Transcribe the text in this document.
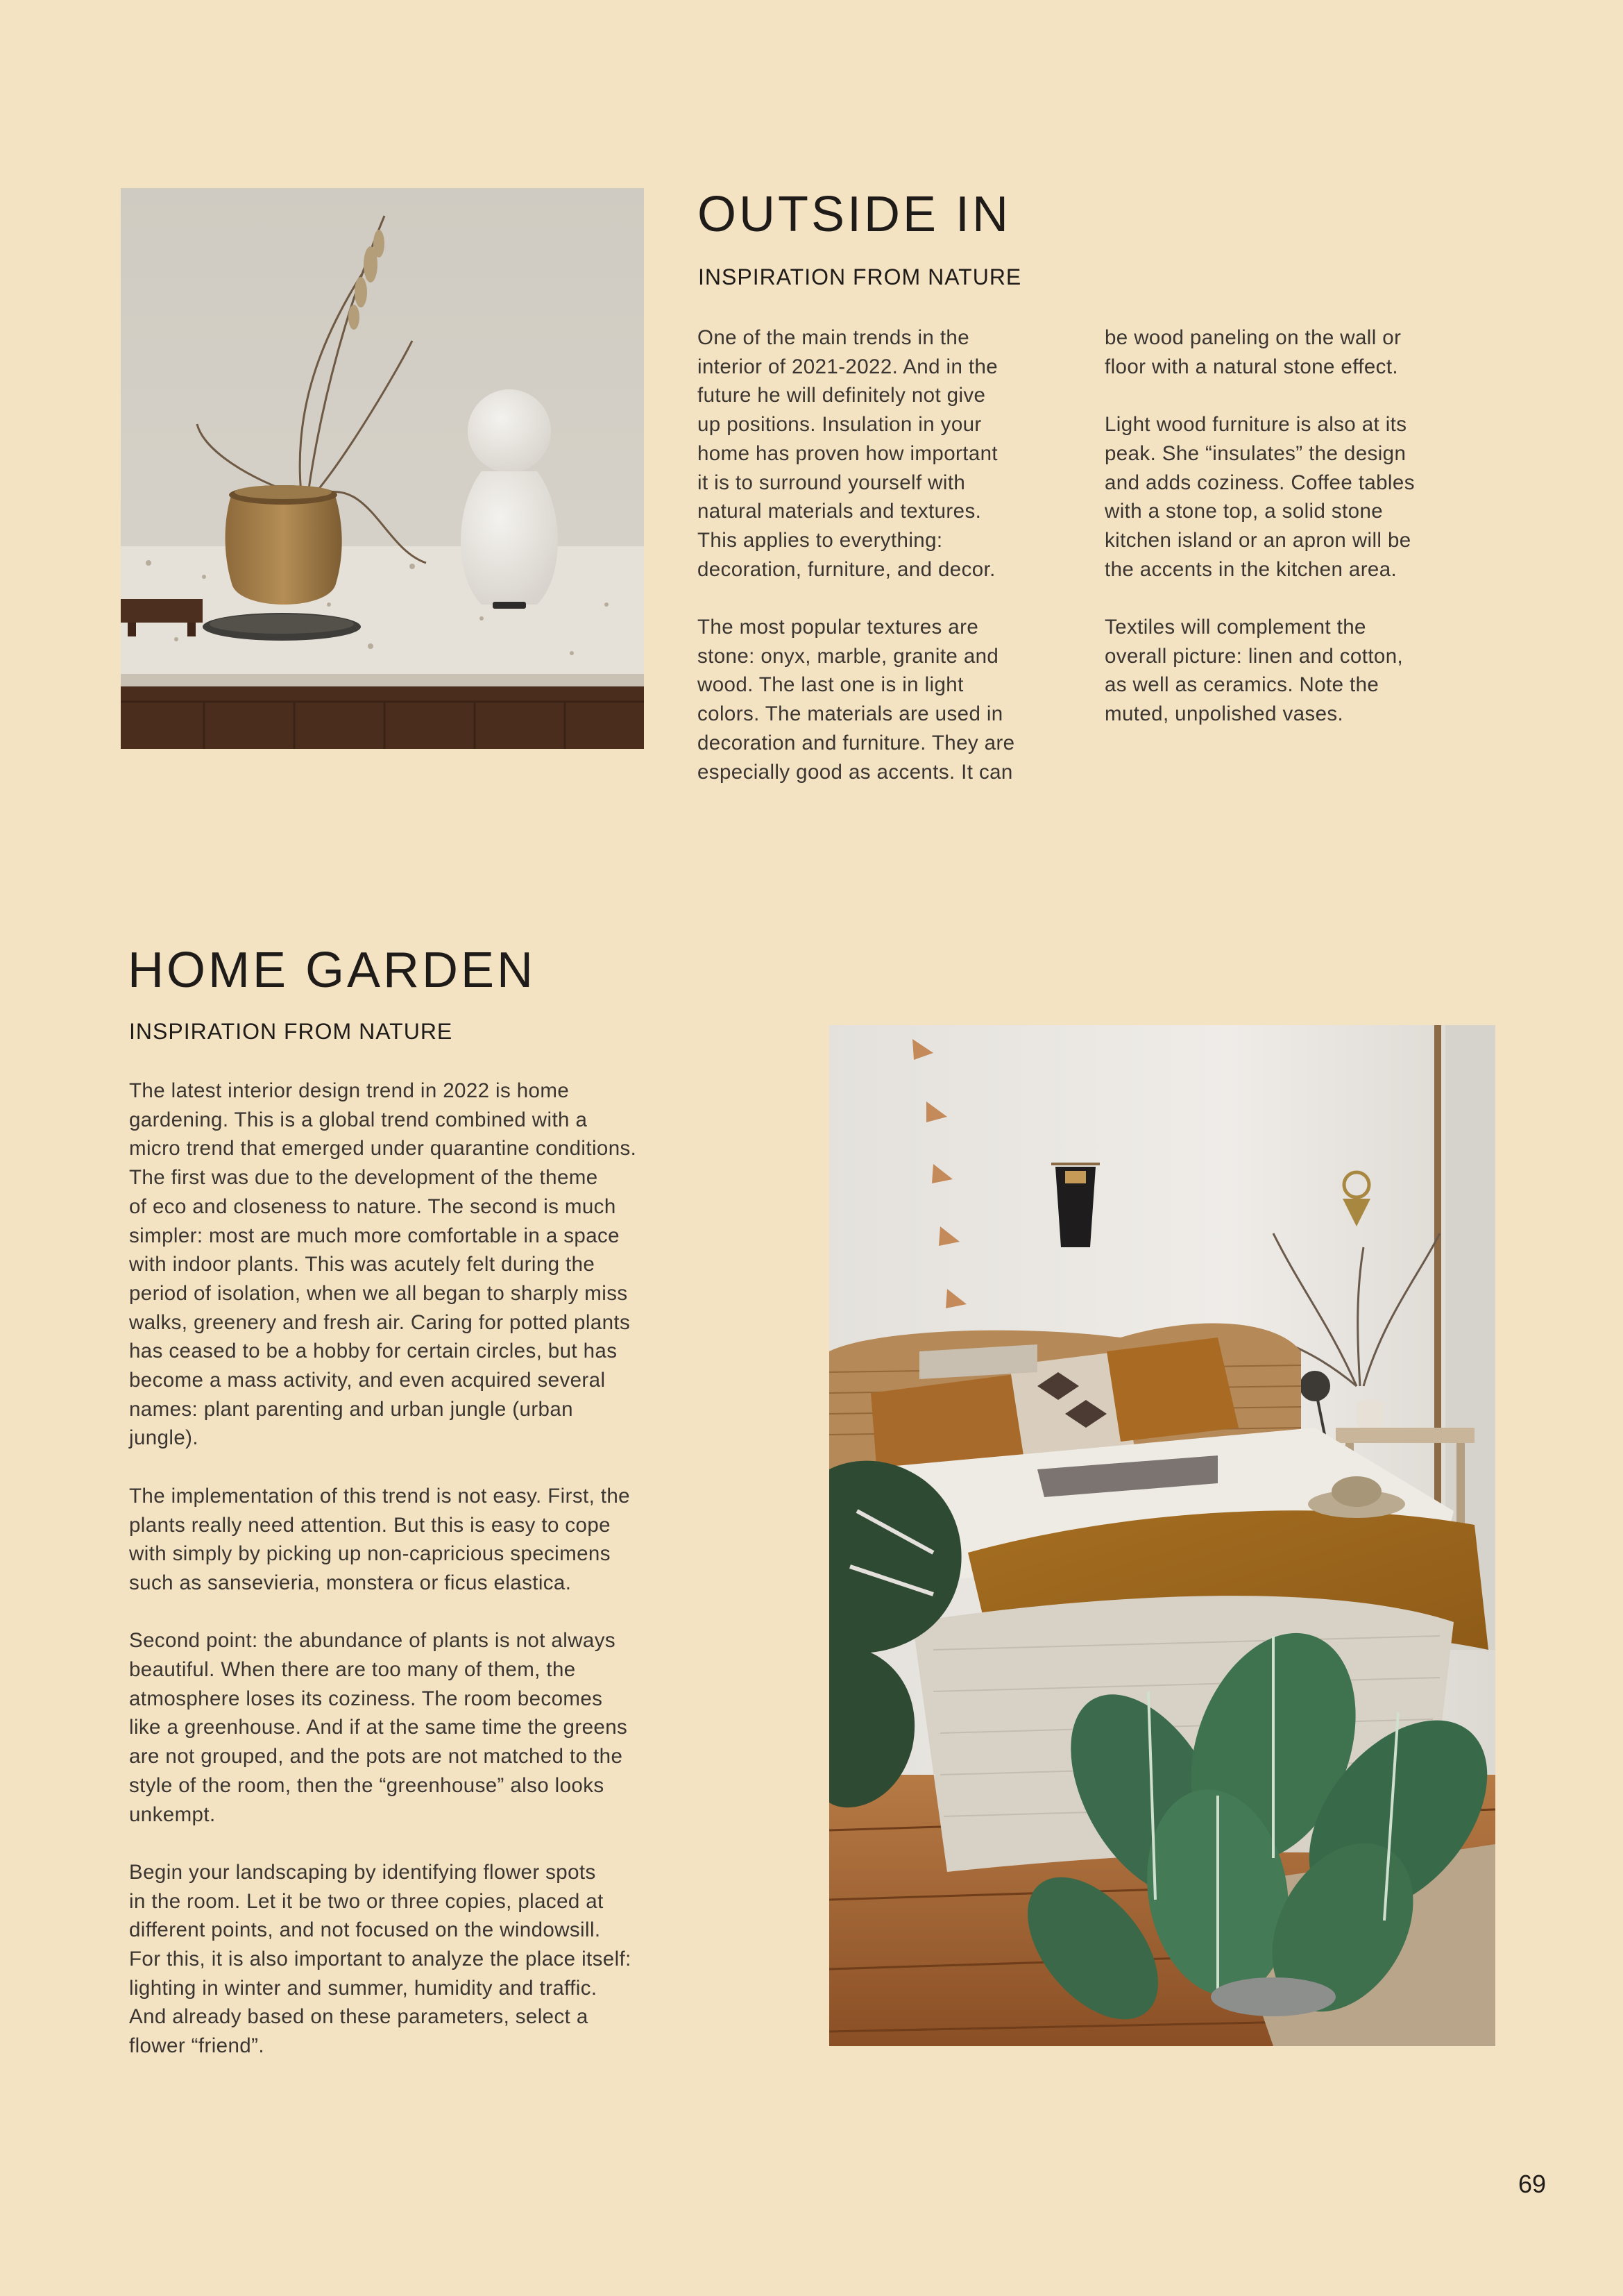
OUTSIDE IN
INSPIRATION FROM NATURE

One of the main trends in the
interior of 2021-2022. And in the
future he will definitely not give
up positions. Insulation in your
home has proven how important
it is to surround yourself with
natural materials and textures.
This applies to everything:
decoration, furniture, and decor.

The most popular textures are
stone: onyx, marble, granite and
wood. The last one is in light
colors. The materials are used in
decoration and furniture. They are
especially good as accents. It can

be wood paneling on the wall or
floor with a natural stone effect.

Light wood furniture is also at its
peak. She “insulates” the design
and adds coziness. Coffee tables
with a stone top, a solid stone
kitchen island or an apron will be
the accents in the kitchen area.

Textiles will complement the
overall picture: linen and cotton,
as well as ceramics. Note the
muted, unpolished vases.

HOME GARDEN
INSPIRATION FROM NATURE

The latest interior design trend in 2022 is home
gardening. This is a global trend combined with a
micro trend that emerged under quarantine conditions.
The first was due to the development of the theme
of eco and closeness to nature. The second is much
simpler: most are much more comfortable in a space
with indoor plants. This was acutely felt during the
period of isolation, when we all began to sharply miss
walks, greenery and fresh air. Caring for potted plants
has ceased to be a hobby for certain circles, but has
become a mass activity, and even acquired several
names: plant parenting and urban jungle (urban
jungle).

The implementation of this trend is not easy. First, the
plants really need attention. But this is easy to cope
with simply by picking up non-capricious specimens
such as sansevieria, monstera or ficus elastica.

Second point: the abundance of plants is not always
beautiful. When there are too many of them, the
atmosphere loses its coziness. The room becomes
like a greenhouse. And if at the same time the greens
are not grouped, and the pots are not matched to the
style of the room, then the “greenhouse” also looks
unkempt.

Begin your landscaping by identifying flower spots
in the room. Let it be two or three copies, placed at
different points, and not focused on the windowsill.
For this, it is also important to analyze the place itself:
lighting in winter and summer, humidity and traffic.
And already based on these parameters, select a
flower “friend”.

69
